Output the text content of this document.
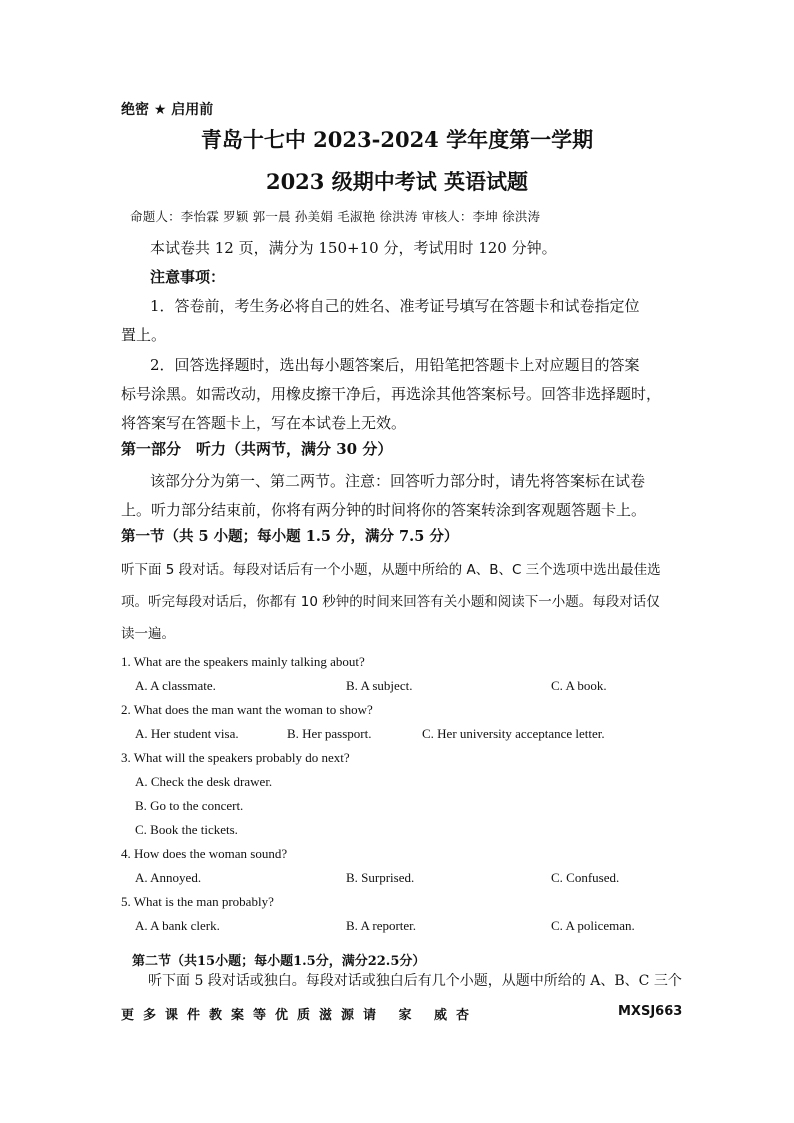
绝密 ★ 启用前
青岛十七中 2023-2024 学年度第一学期
2023 级期中考试 英语试题
命题人：李怡霖 罗颖 郭一晨 孙美娟 毛淑艳 徐洪涛 审核人：李坤 徐洪涛
本试卷共 12 页，满分为 150+10 分，考试用时 120 分钟。
注意事项：
1．答卷前，考生务必将自己的姓名、准考证号填写在答题卡和试卷指定位
置上。
2．回答选择题时，选出每小题答案后，用铅笔把答题卡上对应题目的答案
标号涂黑。如需改动，用橡皮擦干净后，再选涂其他答案标号。回答非选择题时，
将答案写在答题卡上，写在本试卷上无效。
第一部分　听力（共两节，满分 30 分）
该部分分为第一、第二两节。注意：回答听力部分时，请先将答案标在试卷
上。听力部分结束前，你将有两分钟的时间将你的答案转涂到客观题答题卡上。
第一节（共 5 小题；每小题 1.5 分，满分 7.5 分）
听下面 5 段对话。每段对话后有一个小题，从题中所给的 A、B、C 三个选项中选出最佳选
项。听完每段对话后，你都有 10 秒钟的时间来回答有关小题和阅读下一小题。每段对话仅
读一遍。
1. What are the speakers mainly talking about?
A. A classmate.	B. A subject.	C. A book.
2. What does the man want the woman to show?
A. Her student visa.	B. Her passport.	C. Her university acceptance letter.
3. What will the speakers probably do next?
A. Check the desk drawer.
B. Go to the concert.
C. Book the tickets.
4. How does the woman sound?
A. Annoyed.	B. Surprised.	C. Confused.
5. What is the man probably?
A. A bank clerk.	B. A reporter.	C. A policeman.
第二节（共15小题；每小题1.5分，满分22.5分）
听下面 5 段对话或独白。每段对话或独白后有几个小题，从题中所给的 A、B、C 三个
更多课件教案等优质滋源请 家 威杏	MXSJ663
